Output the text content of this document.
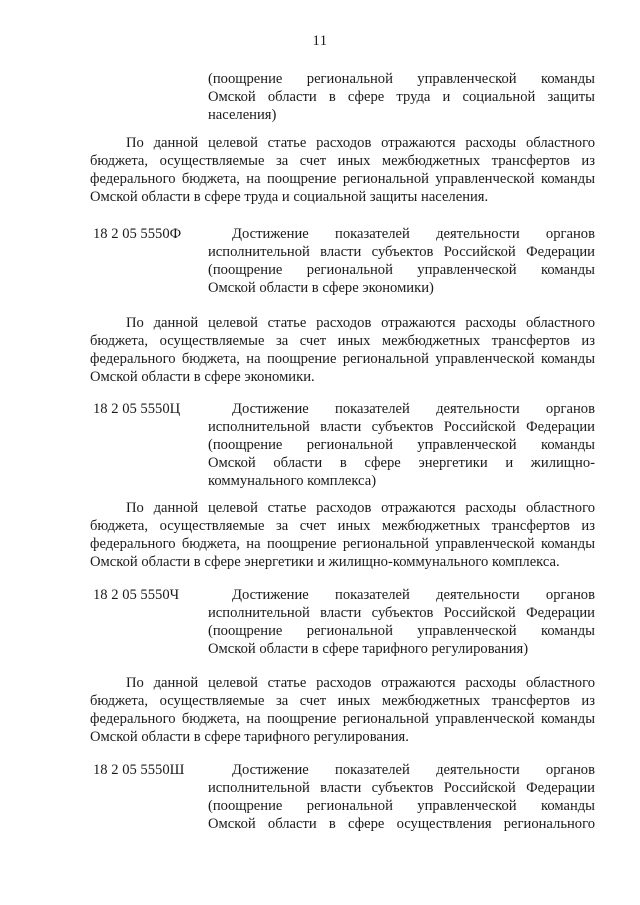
11
(поощрение региональной управленческой команды
Омской области в сфере труда и социальной защиты
населения)
По данной целевой статье расходов отражаются расходы областного
бюджета, осуществляемые за счет иных межбюджетных трансфертов из
федерального бюджета, на поощрение региональной управленческой команды
Омской области в сфере труда и социальной защиты населения.
18 2 05 5550Ф	Достижение показателей деятельности органов
исполнительной власти субъектов Российской Федерации
(поощрение региональной управленческой команды
Омской области в сфере экономики)
По данной целевой статье расходов отражаются расходы областного
бюджета, осуществляемые за счет иных межбюджетных трансфертов из
федерального бюджета, на поощрение региональной управленческой команды
Омской области в сфере экономики.
18 2 05 5550Ц	Достижение показателей деятельности органов
исполнительной власти субъектов Российской Федерации
(поощрение региональной управленческой команды
Омской области в сфере энергетики и жилищно-
коммунального комплекса)
По данной целевой статье расходов отражаются расходы областного
бюджета, осуществляемые за счет иных межбюджетных трансфертов из
федерального бюджета, на поощрение региональной управленческой команды
Омской области в сфере энергетики и жилищно-коммунального комплекса.
18 2 05 5550Ч	Достижение показателей деятельности органов
исполнительной власти субъектов Российской Федерации
(поощрение региональной управленческой команды
Омской области в сфере тарифного регулирования)
По данной целевой статье расходов отражаются расходы областного
бюджета, осуществляемые за счет иных межбюджетных трансфертов из
федерального бюджета, на поощрение региональной управленческой команды
Омской области в сфере тарифного регулирования.
18 2 05 5550Ш	Достижение показателей деятельности органов
исполнительной власти субъектов Российской Федерации
(поощрение региональной управленческой команды
Омской области в сфере осуществления регионального
